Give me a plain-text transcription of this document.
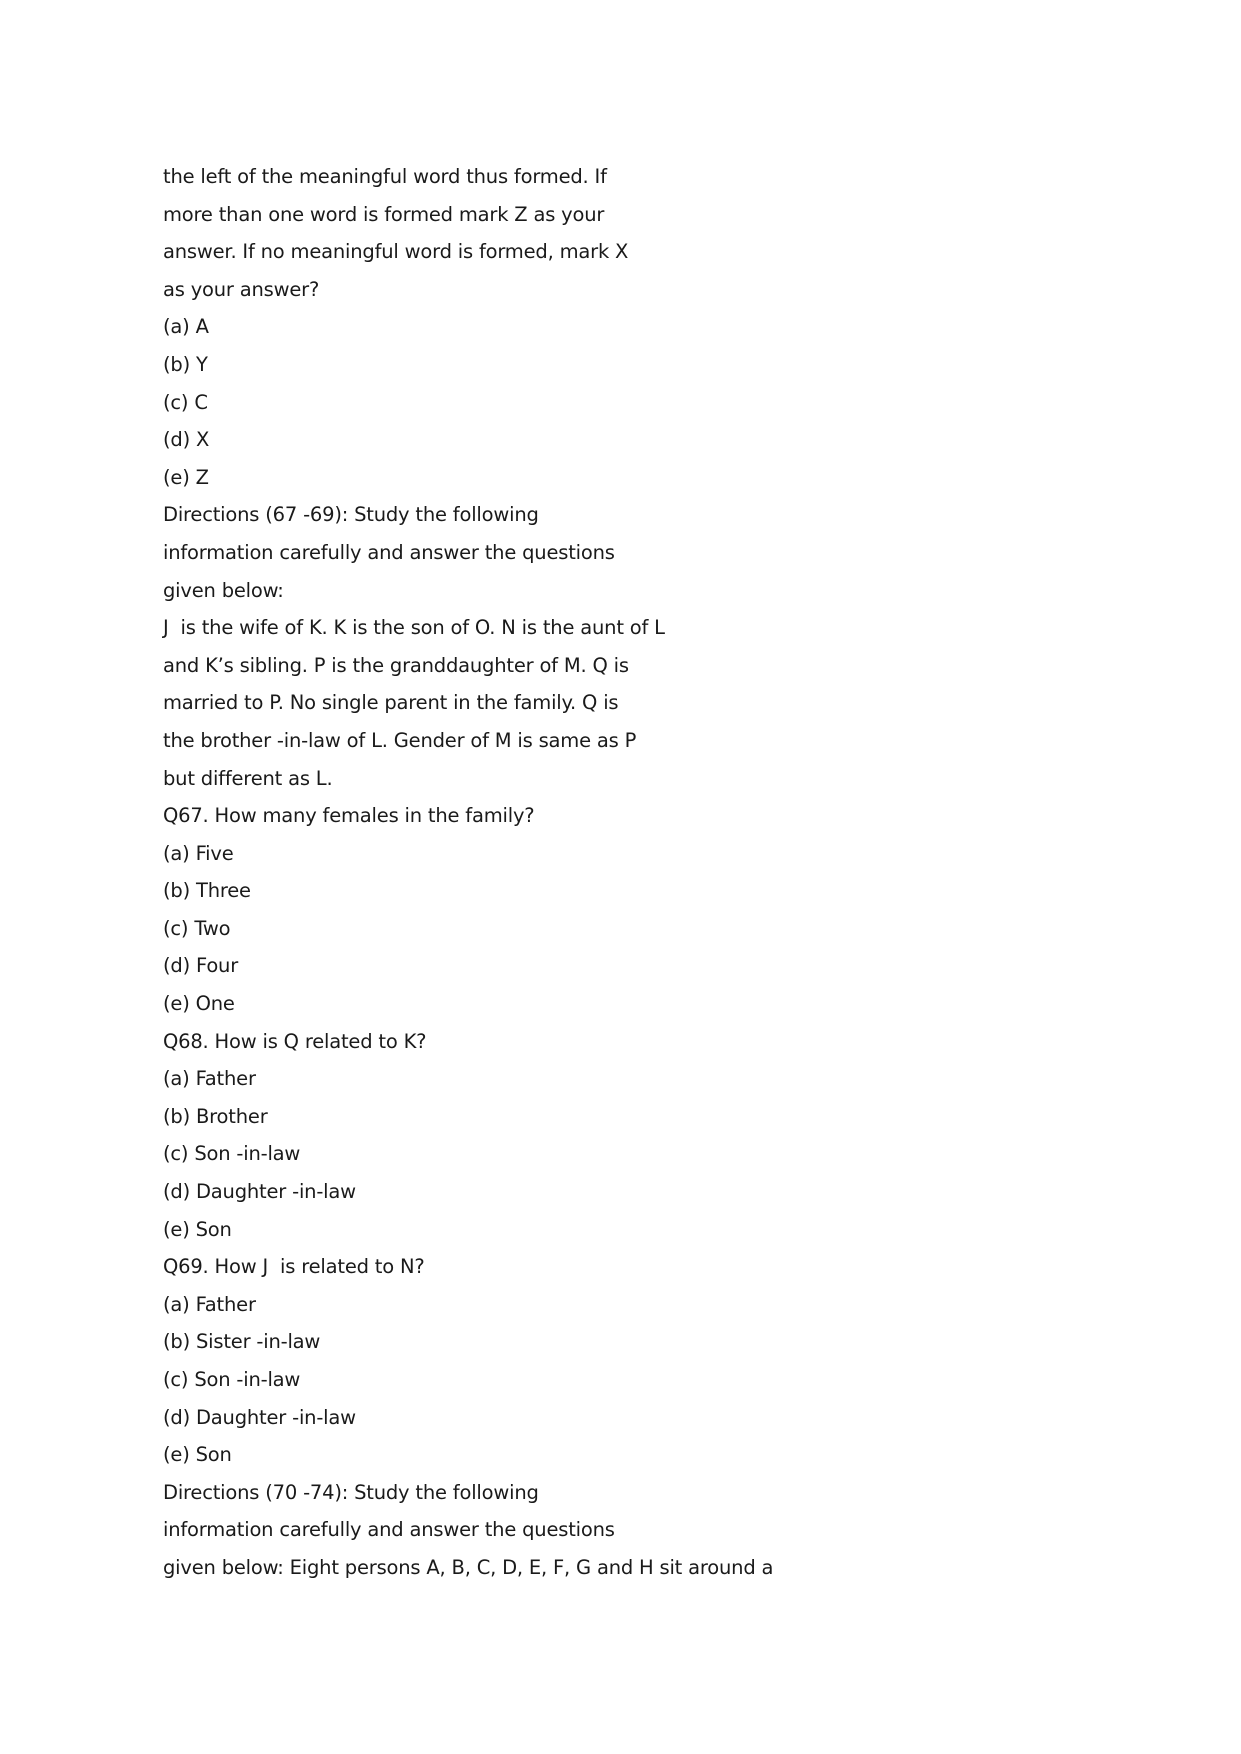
the left of the meaningful word thus formed. If
more than one word is formed mark Z as your
answer. If no meaningful word is formed, mark X
as your answer?
(a) A
(b) Y
(c) C
(d) X
(e) Z
Directions (67 -69): Study the following
information carefully and answer the questions
given below:
J  is the wife of K. K is the son of O. N is the aunt of L
and K’s sibling. P is the granddaughter of M. Q is
married to P. No single parent in the family. Q is
the brother -in-law of L. Gender of M is same as P
but different as L.
Q67. How many females in the family?
(a) Five
(b) Three
(c) Two
(d) Four
(e) One
Q68. How is Q related to K?
(a) Father
(b) Brother
(c) Son -in-law
(d) Daughter -in-law
(e) Son
Q69. How J  is related to N?
(a) Father
(b) Sister -in-law
(c) Son -in-law
(d) Daughter -in-law
(e) Son
Directions (70 -74): Study the following
information carefully and answer the questions
given below: Eight persons A, B, C, D, E, F, G and H sit around a
